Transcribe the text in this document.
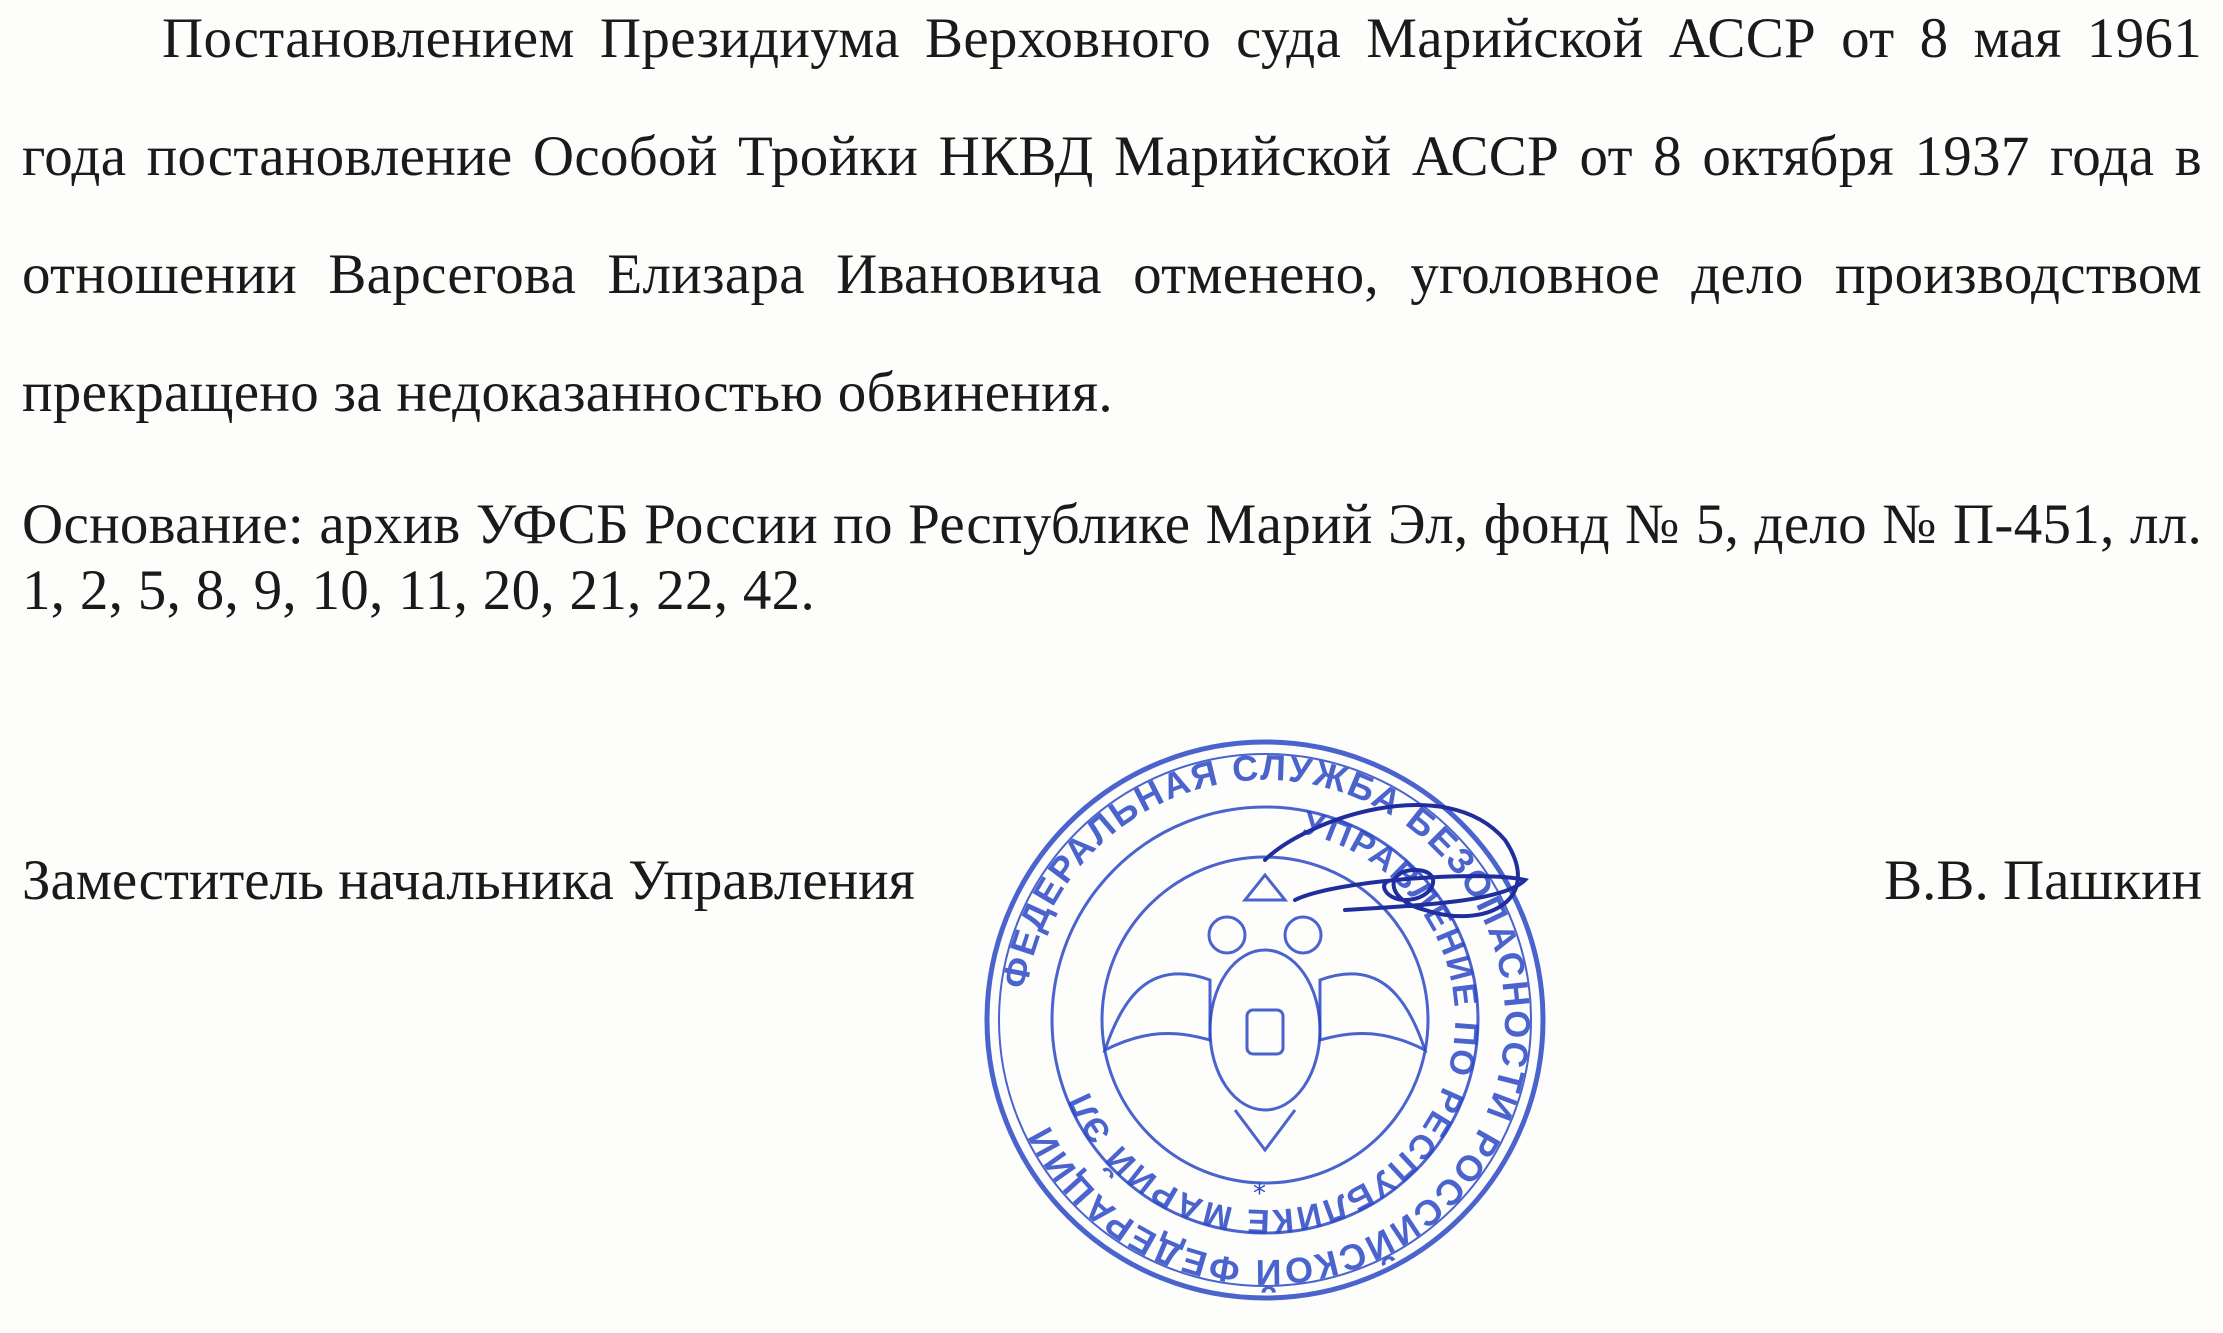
Постановлением Президиума Верховного суда Марийской АССР от 8 мая 1961 года постановление Особой Тройки НКВД Марийской АССР от 8 октября 1937 года в отношении Варсегова Елизара Ивановича отменено, уголовное дело производством прекращено за недоказанностью обвинения.

Основание: архив УФСБ России по Республике Марий Эл, фонд № 5, дело № П-451, лл. 1, 2, 5, 8, 9, 10, 11, 20, 21, 22, 42.

Заместитель начальника Управления	В.В. Пашкин
ФЕДЕРАЛЬНАЯ СЛУЖБА БЕЗОПАСНОСТИ РОССИЙСКОЙ ФЕДЕРАЦИИ
УПРАВЛЕНИЕ ПО РЕСПУБЛИКЕ МАРИЙ ЭЛ
*
